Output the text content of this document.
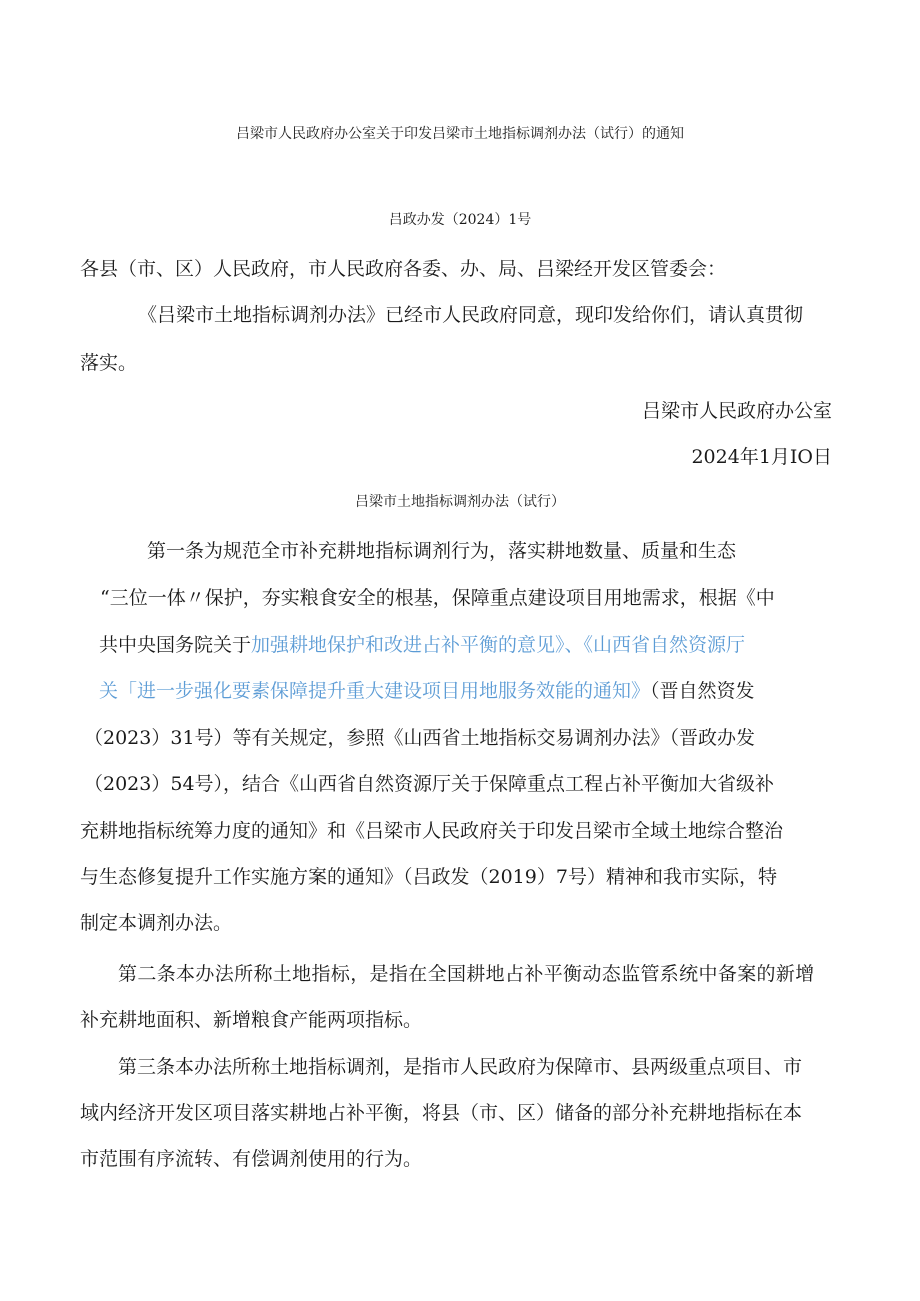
吕梁市人民政府办公室关于印发吕梁市土地指标调剂办法（试行）的通知
吕政办发（2024）1号
各县（市、区）人民政府，市人民政府各委、办、局、吕梁经开发区管委会：
《吕梁市土地指标调剂办法》已经市人民政府同意，现印发给你们，请认真贯彻
落实。
吕梁市人民政府办公室
2024年1月IO日
吕梁市土地指标调剂办法（试行）
第一条为规范全市补充耕地指标调剂行为，落实耕地数量、质量和生态
“三位一体〃保护，夯实粮食安全的根基，保障重点建设项目用地需求，根据《中
共中央国务院关于加强耕地保护和改进占补平衡的意见》、《山西省自然资源厅
关「进一步强化要素保障提升重大建设项目用地服务效能的通知》（晋自然资发
（2023）31号）等有关规定，参照《山西省土地指标交易调剂办法》（晋政办发
（2023）54号），结合《山西省自然资源厅关于保障重点工程占补平衡加大省级补
充耕地指标统筹力度的通知》和《吕梁市人民政府关于印发吕梁市全域土地综合整治
与生态修复提升工作实施方案的通知》（吕政发（2019）7号）精神和我市实际，特
制定本调剂办法。
第二条本办法所称土地指标，是指在全国耕地占补平衡动态监管系统中备案的新增
补充耕地面积、新增粮食产能两项指标。
第三条本办法所称土地指标调剂，是指市人民政府为保障市、县两级重点项目、市
域内经济开发区项目落实耕地占补平衡，将县（市、区）储备的部分补充耕地指标在本
市范围有序流转、有偿调剂使用的行为。
